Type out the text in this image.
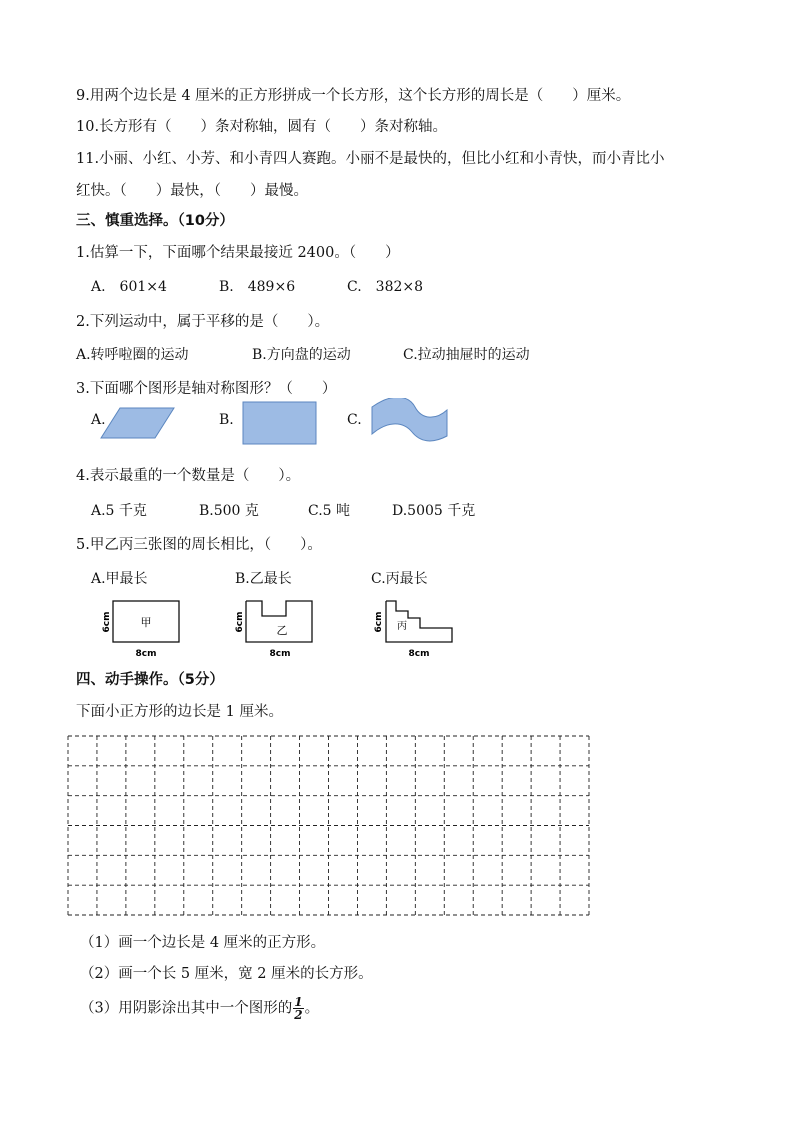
9.用两个边长是 4 厘米的正方形拼成一个长方形，这个长方形的周长是（　　）厘米。
10.长方形有（　　）条对称轴，圆有（　　）条对称轴。
11.小丽、小红、小芳、和小青四人赛跑。小丽不是最快的，但比小红和小青快，而小青比小
红快。（　　）最快，（　　）最慢。
三、慎重选择。（10分）
1.估算一下，下面哪个结果最接近 2400。（　　）
A.　601×4	B.　489×6	C.　382×8
2.下列运动中，属于平移的是（　　）。
A.转呼啦圈的运动	B.方向盘的运动	C.拉动抽屉时的运动
3.下面哪个图形是轴对称图形？（　　）
A.	B.	C.
4.表示最重的一个数量是（　　）。
A.5 千克	B.500 克	C.5 吨	D.5005 千克
5.甲乙丙三张图的周长相比，（　　）。
A.甲最长	B.乙最长	C.丙最长
甲
6cm
8cm
乙
6cm
8cm
丙
6cm
8cm
四、动手操作。（5分）
下面小正方形的边长是 1 厘米。
（1）画一个边长是 4 厘米的正方形。
（2）画一个长 5 厘米，宽 2 厘米的长方形。
（3）用阴影涂出其中一个图形的 $\frac{1}{2}$ 。
